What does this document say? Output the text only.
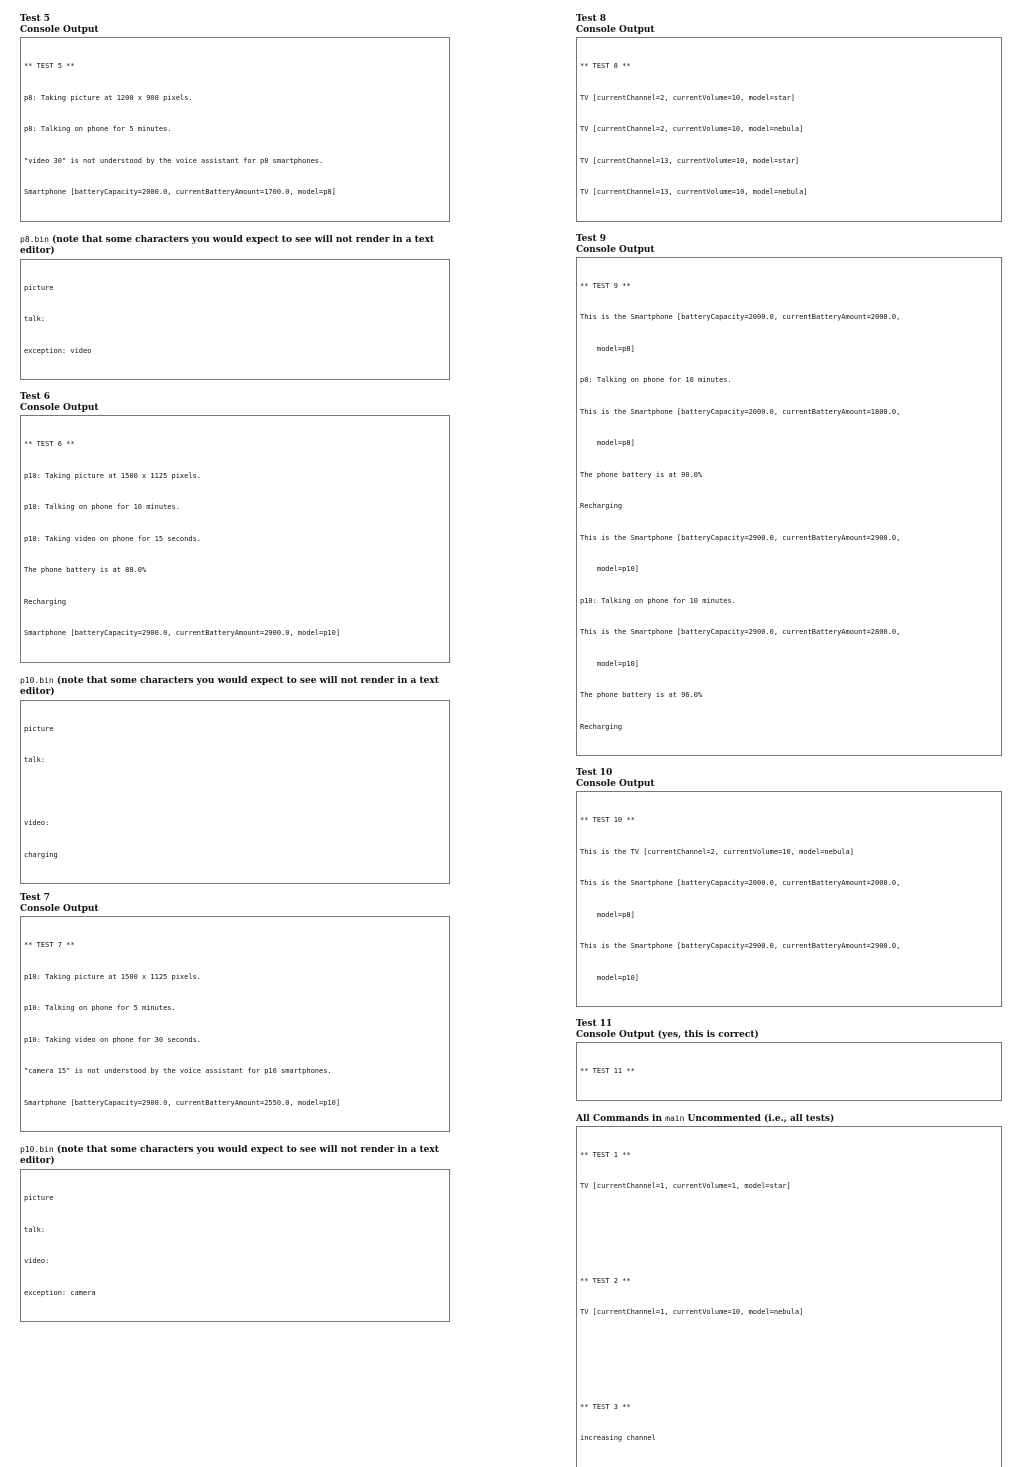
Test 5
Console Output

** TEST 5 **

p8: Taking picture at 1200 x 900 pixels.

p8: Talking on phone for 5 minutes.

"video 30" is not understood by the voice assistant for p8 smartphones.

Smartphone [batteryCapacity=2000.0, currentBatteryAmount=1700.0, model=p8]

p8.bin (note that some characters you would expect to see will not render in a text editor)

picture

talk:

exception: video

Test 6
Console Output

** TEST 6 **

p10: Taking picture at 1500 x 1125 pixels.

p10: Talking on phone for 10 minutes.

p10: Taking video on phone for 15 seconds.

The phone battery is at 88.0%

Recharging

Smartphone [batteryCapacity=2900.0, currentBatteryAmount=2900.0, model=p10]

p10.bin (note that some characters you would expect to see will not render in a text editor)

picture

talk:

video:

charging

Test 7
Console Output

** TEST 7 **

p10: Taking picture at 1500 x 1125 pixels.

p10: Talking on phone for 5 minutes.

p10: Taking video on phone for 30 seconds.

"camera 15" is not understood by the voice assistant for p10 smartphones.

Smartphone [batteryCapacity=2900.0, currentBatteryAmount=2550.0, model=p10]

p10.bin (note that some characters you would expect to see will not render in a text editor)

picture

talk:

video:

exception: camera

Test 8
Console Output

** TEST 8 **

TV [currentChannel=2, currentVolume=10, model=star]

TV [currentChannel=2, currentVolume=10, model=nebula]

TV [currentChannel=13, currentVolume=10, model=star]

TV [currentChannel=13, currentVolume=10, model=nebula]

Test 9
Console Output

** TEST 9 **

This is the Smartphone [batteryCapacity=2000.0, currentBatteryAmount=2000.0,

model=p8]

p8: Talking on phone for 10 minutes.

This is the Smartphone [batteryCapacity=2000.0, currentBatteryAmount=1800.0,

model=p8]

The phone battery is at 90.0%

Recharging

This is the Smartphone [batteryCapacity=2900.0, currentBatteryAmount=2900.0,

model=p10]

p10: Talking on phone for 10 minutes.

This is the Smartphone [batteryCapacity=2900.0, currentBatteryAmount=2800.0,

model=p10]

The phone battery is at 96.0%

Recharging

Test 10
Console Output

** TEST 10 **

This is the TV [currentChannel=2, currentVolume=10, model=nebula]

This is the Smartphone [batteryCapacity=2000.0, currentBatteryAmount=2000.0,

model=p8]

This is the Smartphone [batteryCapacity=2900.0, currentBatteryAmount=2900.0,

model=p10]

Test 11
Console Output (yes, this is correct)

** TEST 11 **

All Commands in main Uncommented (i.e., all tests)

** TEST 1 **

TV [currentChannel=1, currentVolume=1, model=star]

** TEST 2 **

TV [currentChannel=1, currentVolume=10, model=nebula]

** TEST 3 **

increasing channel
